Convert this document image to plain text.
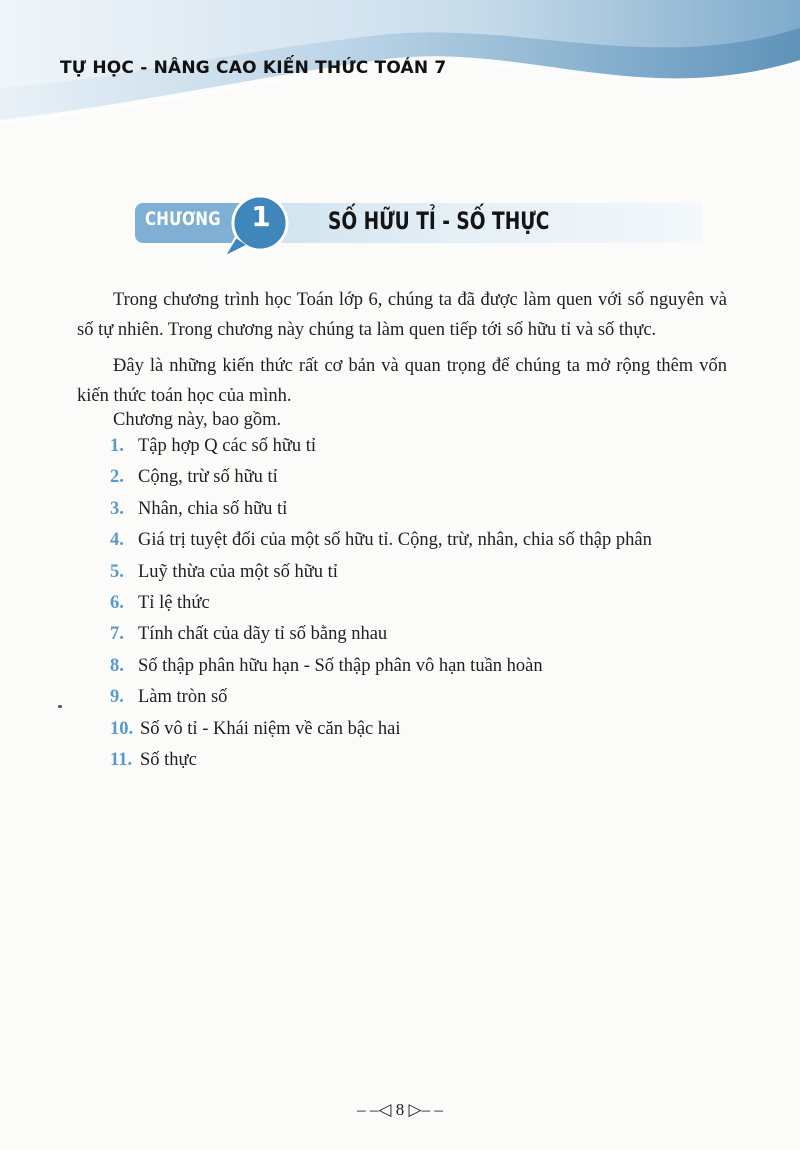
TỰ HỌC - NÂNG CAO KIẾN THỨC TOÁN 7
CHƯƠNG	1	SỐ HỮU TỈ - SỐ THỰC

Trong chương trình học Toán lớp 6, chúng ta đã được làm quen với số nguyên và số tự nhiên. Trong chương này chúng ta làm quen tiếp tới số hữu tỉ và số thực.

Đây là những kiến thức rất cơ bản và quan trọng để chúng ta mở rộng thêm vốn kiến thức toán học của mình.

Chương này, bao gồm.
1. Tập hợp Q các số hữu tỉ
2. Cộng, trừ số hữu tỉ
3. Nhân, chia số hữu tỉ
4. Giá trị tuyệt đối của một số hữu tỉ. Cộng, trừ, nhân, chia số thập phân
5. Luỹ thừa của một số hữu tỉ
6. Tỉ lệ thức
7. Tính chất của dãy tỉ số bằng nhau
8. Số thập phân hữu hạn - Số thập phân vô hạn tuần hoàn
9. Làm tròn số
10. Số vô tỉ - Khái niệm về căn bậc hai
11. Số thực
– –◁ 8 ▷– –
